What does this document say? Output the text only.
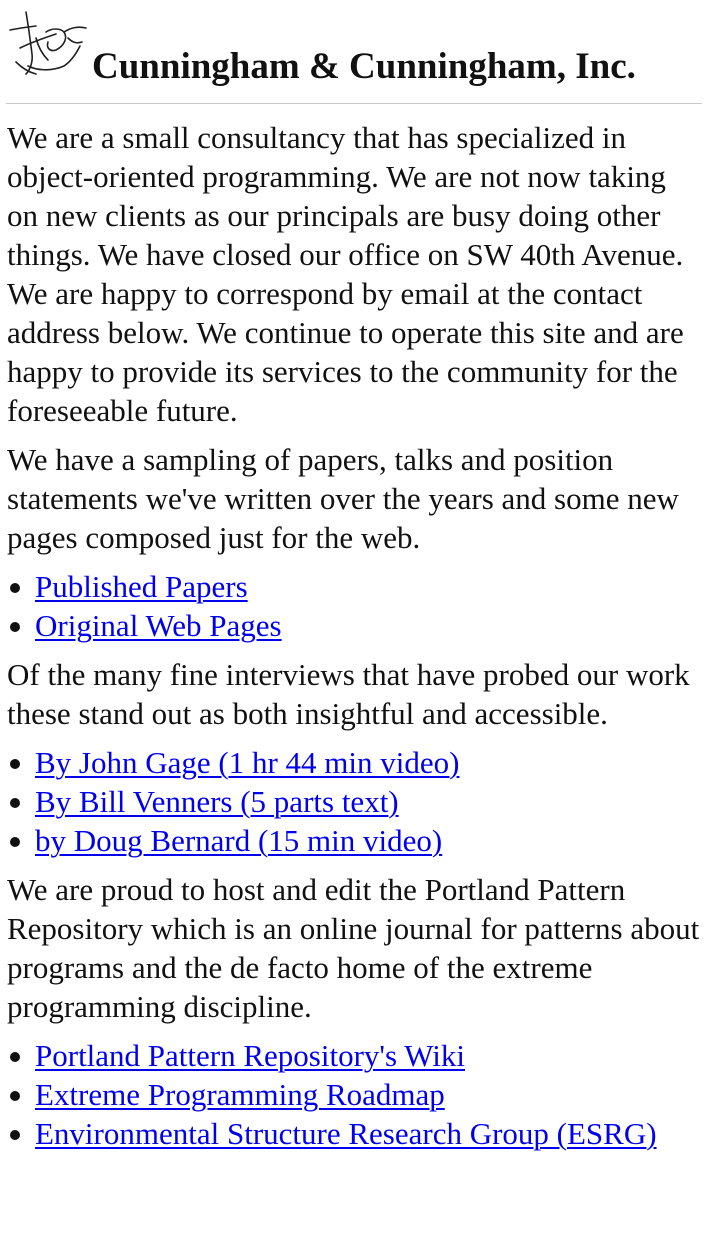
Cunningham & Cunningham, Inc.

We are a small consultancy that has specialized in object-oriented programming. We are not now taking on new clients as our principals are busy doing other things. We have closed our office on SW 40th Avenue. We are happy to correspond by email at the contact address below. We continue to operate this site and are happy to provide its services to the community for the foreseeable future.

We have a sampling of papers, talks and position statements we've written over the years and some new pages composed just for the web.

Published Papers
Original Web Pages

Of the many fine interviews that have probed our work these stand out as both insightful and accessible.

By John Gage (1 hr 44 min video)
By Bill Venners (5 parts text)
by Doug Bernard (15 min video)

We are proud to host and edit the Portland Pattern Repository which is an online journal for patterns about programs and the de facto home of the extreme programming discipline.

Portland Pattern Repository's Wiki
Extreme Programming Roadmap
Environmental Structure Research Group (ESRG)
